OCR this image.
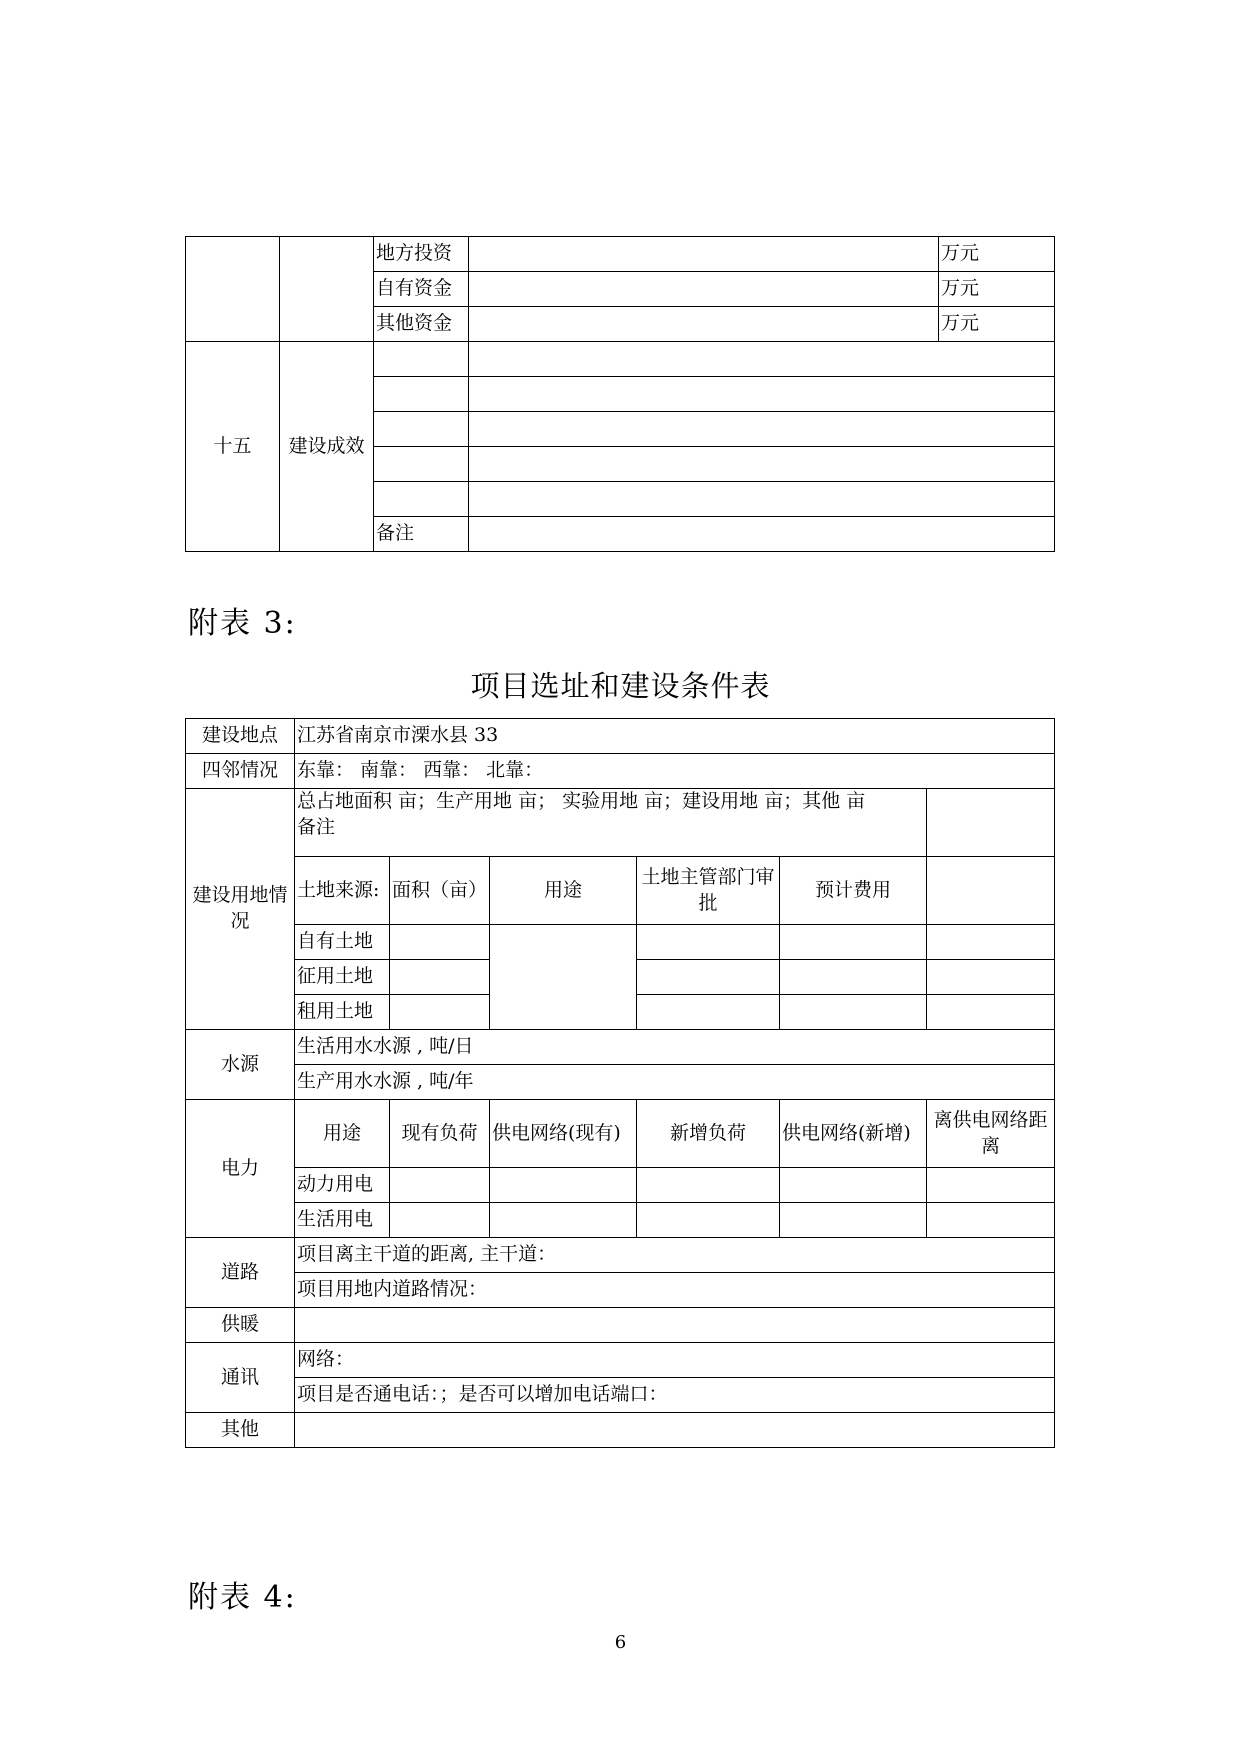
		地方投资		万元
		自有资金		万元
		其他资金		万元
十五	建设成效			

		备注		
附表 3:
项目选址和建设条件表
建设地点	江苏省南京市溧水县 33					
四邻情况	东靠： 南靠： 西靠： 北靠：					
建设用地情况	总占地面积 亩；生产用地 亩； 实验用地 亩；建设用地 亩；其他 亩
备注					

	土地来源:	面积（亩）	用途	土地主管部门审批	预计费用	
	自有土地					
	征用土地					
	租用土地					
水源	生活用水水源 , 吨/日					
	生产用水水源 , 吨/年					
电力	用途	现有负荷	供电网络(现有)	新增负荷	供电网络(新增)	离供电网络距离
	动力用电					
	生活用电					
道路	项目离主干道的距离, 主干道：					
	项目用地内道路情况：					
供暖						
通讯	网络：					
	项目是否通电话：；是否可以增加电话端口：					
其他						
附表 4:
6
